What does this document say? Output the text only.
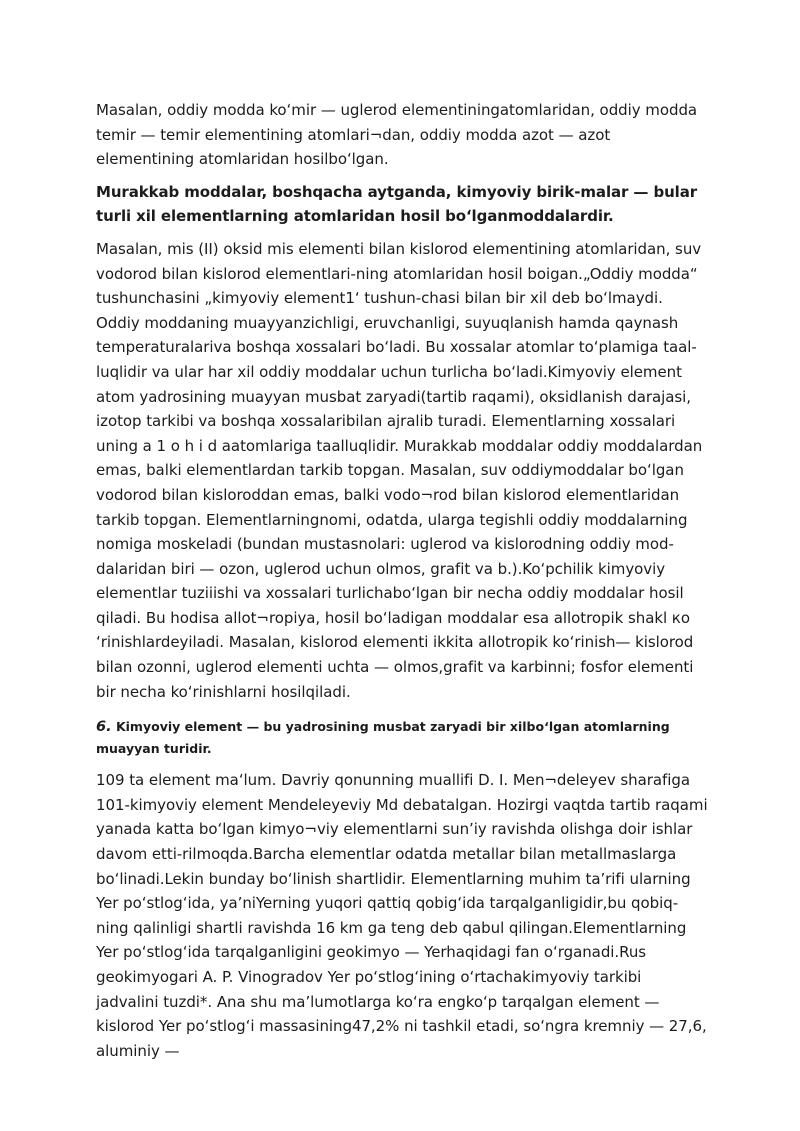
Masalan, oddiy modda koʻmir — uglerod elementiningatomlaridan, oddiy modda temir — temir elementining atomlari¬dan, oddiy modda azot — azot elementining atomlaridan hosilboʻlgan.

Murakkab moddalar, boshqacha aytganda, kimyoviy birik-malar — bular turli xil elementlarning atomlaridan hosil boʻlganmoddalardir.

Masalan, mis (II) oksid mis elementi bilan kislorod elementining atomlaridan, suv vodorod bilan kislorod elementlari-ning atomlaridan hosil boigan.„Oddiy modda“ tushunchasini „kimyoviy element1‘ tushun-chasi bilan bir xil deb boʻlmaydi. Oddiy moddaning muayyanzichligi, eruvchanligi, suyuqlanish hamda qaynash temperaturalariva boshqa xossalari boʻladi. Bu xossalar atomlar toʻplamiga taal-luqlidir va ular har xil oddiy moddalar uchun turlicha boʻladi.Kimyoviy element atom yadrosining muayyan musbat zaryadi(tartib raqami), oksidlanish darajasi, izotop tarkibi va boshqa xossalaribilan ajralib turadi. Elementlarning xossalari uning a 1 o h i d aatomlariga taalluqlidir. Murakkab moddalar oddiy moddalardan emas, balki elementlardan tarkib topgan. Masalan, suv oddiymoddalar boʻlgan vodorod bilan kisloroddan emas, balki vodo¬rod bilan kislorod elementlaridan tarkib topgan. Elementlarningnomi, odatda, ularga tegishli oddiy moddalarning nomiga moskeladi (bundan mustasnolari: uglerod va kislorodning oddiy mod-dalaridan biri — ozon, uglerod uchun olmos, grafit va b.).Koʻpchilik kimyoviy elementlar tuziiishi va xossalari turlichaboʻlgan bir necha oddiy moddalar hosil qiladi. Bu hodisa allot¬ropiya, hosil boʻladigan moddalar esa allotropik shakl кo ʻrinishlardeyiladi. Masalan, kislorod elementi ikkita allotropik koʻrinish— kislorod bilan ozonni, uglerod elementi uchta — olmos,grafit va karbinni; fosfor elementi bir necha koʻrinishlarni hosilqiladi.

6. Kimyoviy element — bu yadrosining musbat zaryadi bir xilboʻlgan atomlarning muayyan turidir.

109 ta element maʻlum. Davriy qonunning muallifi D. I. Men¬deleyev sharafiga 101-kimyoviy element Mendeleyeviy Md debatalgan. Hozirgi vaqtda tartib raqami yanada katta boʻlgan kimyo¬viy elementlarni sunʼiy ravishda olishga doir ishlar davom etti-rilmoqda.Barcha elementlar odatda metallar bilan metallmaslarga boʻlinadi.Lekin bunday boʻlinish shartlidir. Elementlarning muhim taʼrifi ularning Yer poʻstlogʻida, yaʼniYerning yuqori qattiq qobigʻida tarqalganligidir,bu qobiq-ning qalinligi shartli ravishda 16 km ga teng deb qabul qilingan.Elementlarning Yer poʻstlogʻida tarqalganligini geokimyo — Yerhaqidagi fan oʻrganadi.Rus geokimyogari A. P. Vinogradov Yer poʻstlogʻining oʻrtachakimyoviy tarkibi jadvalini tuzdi*. Ana shu maʼlumotlarga koʻra engkoʻp tarqalgan element — kislorod Yer poʻstlogʻi massasining47,2% ni tashkil etadi, soʻngra kremniy — 27,6, aluminiy —
